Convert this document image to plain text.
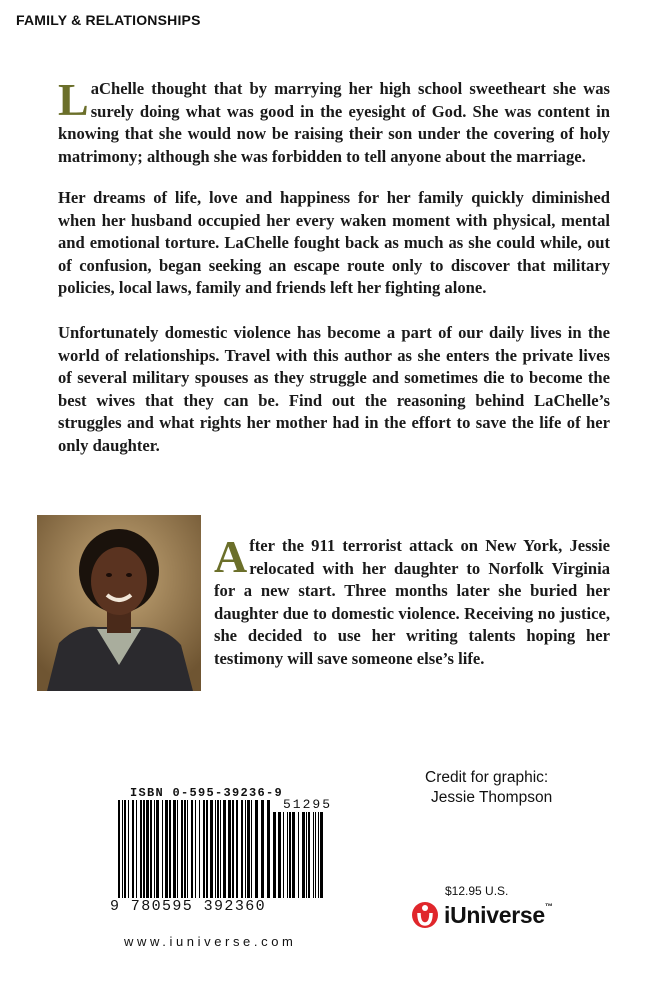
FAMILY & RELATIONSHIPS
LaChelle thought that by marrying her high school sweetheart she was surely doing what was good in the eyesight of God. She was content in knowing that she would now be raising their son under the covering of holy matrimony; although she was forbidden to tell anyone about the marriage.
Her dreams of life, love and happiness for her family quickly diminished when her husband occupied her every waken moment with physical, mental and emotional torture. LaChelle fought back as much as she could while, out of confusion, began seeking an escape route only to discover that military policies, local laws, family and friends left her fighting alone.
Unfortunately domestic violence has become a part of our daily lives in the world of relationships. Travel with this author as she enters the private lives of several military spouses as they struggle and sometimes die to become the best wives that they can be. Find out the reasoning behind LaChelle’s struggles and what rights her mother had in the effort to save the life of her only daughter.
After the 911 terrorist attack on New York, Jessie relocated with her daughter to Norfolk Virginia for a new start. Three months later she buried her daughter due to domestic violence. Receiving no justice, she decided to use her writing talents hoping her testimony will save someone else’s life.
Credit for graphic:
Jessie Thompson
ISBN 0-595-39236-9
51295
9 780595 392360
$12.95 U.S.
iUniverse™
www.iuniverse.com
